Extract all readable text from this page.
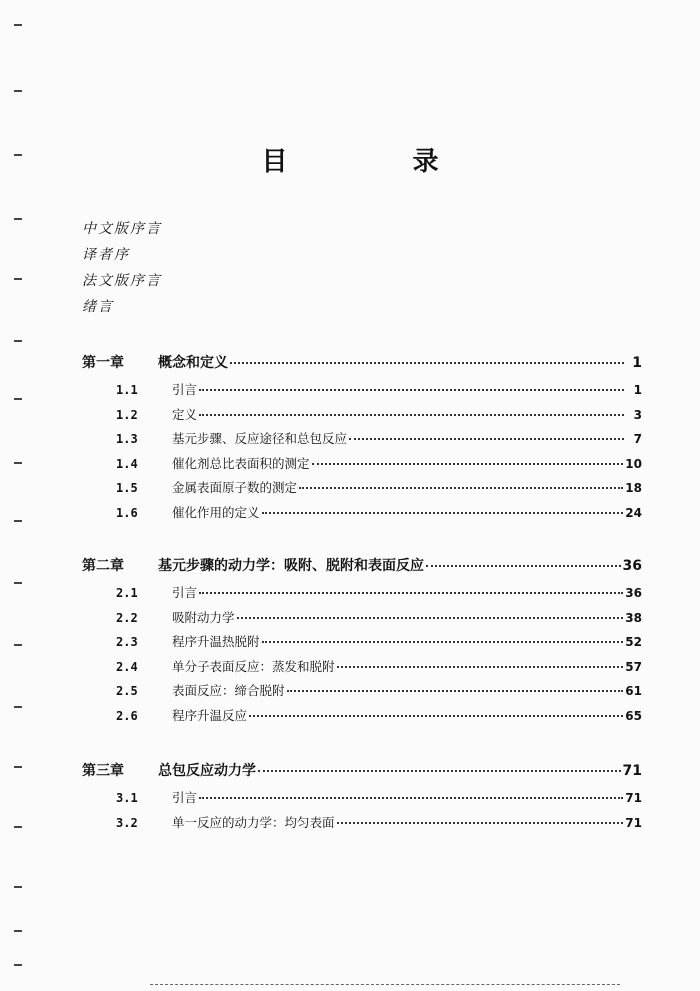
目 录
中文版序言
译者序
法文版序言
绪言
第一章	概念和定义	1
1.1	引言	1
1.2	定义	3
1.3	基元步骤、反应途径和总包反应	7
1.4	催化剂总比表面积的测定	10
1.5	金属表面原子数的测定	18
1.6	催化作用的定义	24
第二章	基元步骤的动力学：吸附、脱附和表面反应	36
2.1	引言	36
2.2	吸附动力学	38
2.3	程序升温热脱附	52
2.4	单分子表面反应：蒸发和脱附	57
2.5	表面反应：缔合脱附	61
2.6	程序升温反应	65
第三章	总包反应动力学	71
3.1	引言	71
3.2	单一反应的动力学：均匀表面	71
